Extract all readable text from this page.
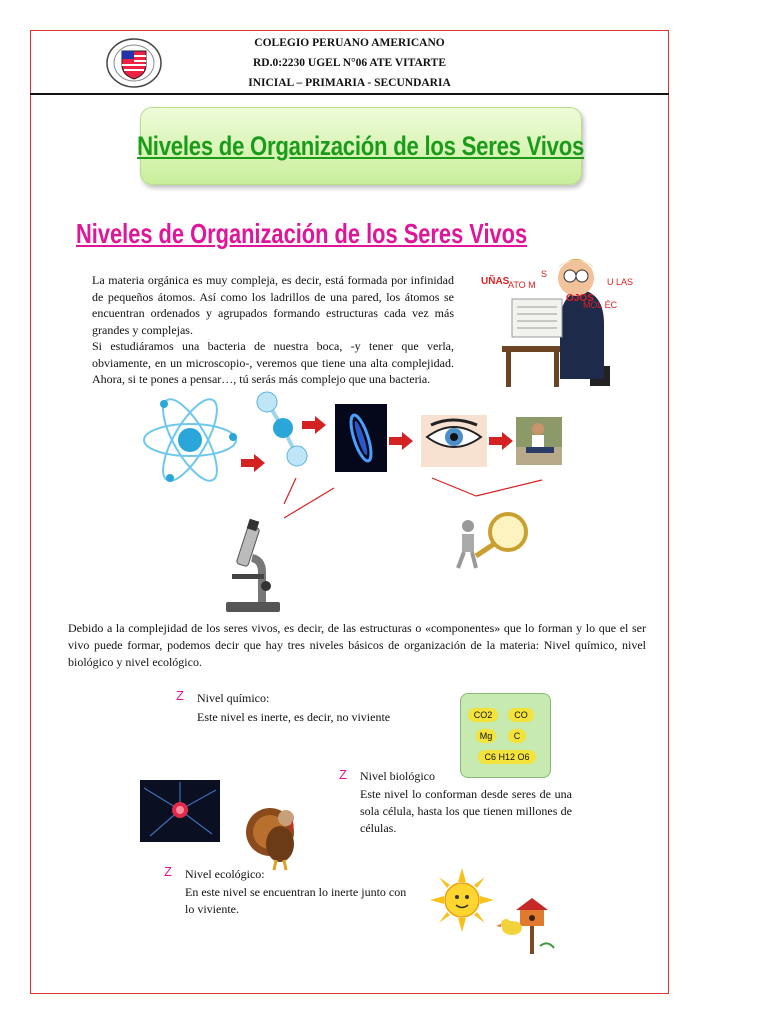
COLEGIO PERUANO AMERICANO
RD.0:2230 UGEL N°06 ATE VITARTE
INICIAL – PRIMARIA - SECUNDARIA
Niveles de Organización de los Seres Vivos
Niveles de Organización de los Seres Vivos
La materia orgánica es muy compleja, es decir, está formada por infinidad de pequeños átomos. Así como los ladrillos de una pared, los átomos se encuentran ordenados y agrupados formando estructuras cada vez más grandes y complejas.
Si estudiáramos una bacteria de nuestra boca, -y tener que verla, obviamente, en un microscopio-, veremos que tiene una alta complejidad. Ahora, si te pones a pensar…, tú serás más complejo que una bacteria.
UÑAS
ATO M
S
U LAS
OJOS
MOL ÉC
Debido a la complejidad de los seres vivos, es decir, de las estructuras o «componentes» que lo forman y lo que el ser vivo puede formar, podemos decir que hay tres niveles básicos de organización de la materia: Nivel químico, nivel biológico y nivel ecológico.
Z Nivel químico:
Este nivel es inerte, es decir, no viviente	CO2	CO
Mg	C
C6 H12 O6
Z Nivel biológico
Este nivel lo conforman desde seres de una sola célula, hasta los que tienen millones de células.
Z Nivel ecológico:
En este nivel se encuentran lo inerte junto con lo viviente.
